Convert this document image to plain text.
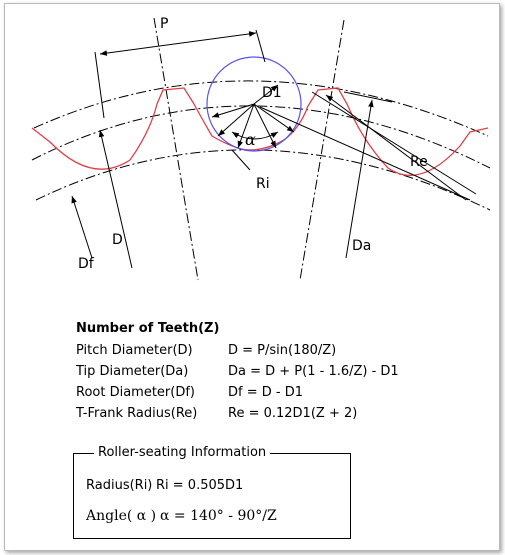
P
D1
α
Ri
Re
D
Df
Da
Number of Teeth(Z)
Pitch Diameter(D)	D = P/sin(180/Z)
Tip Diameter(Da)	Da = D + P(1 - 1.6/Z) - D1
Root Diameter(Df)	Df = D - D1
T-Frank Radius(Re) Re = 0.12D1(Z + 2)
Roller-seating Information
Radius(Ri) Ri = 0.505D1
Angle( α ) α = 140° - 90°/Z
